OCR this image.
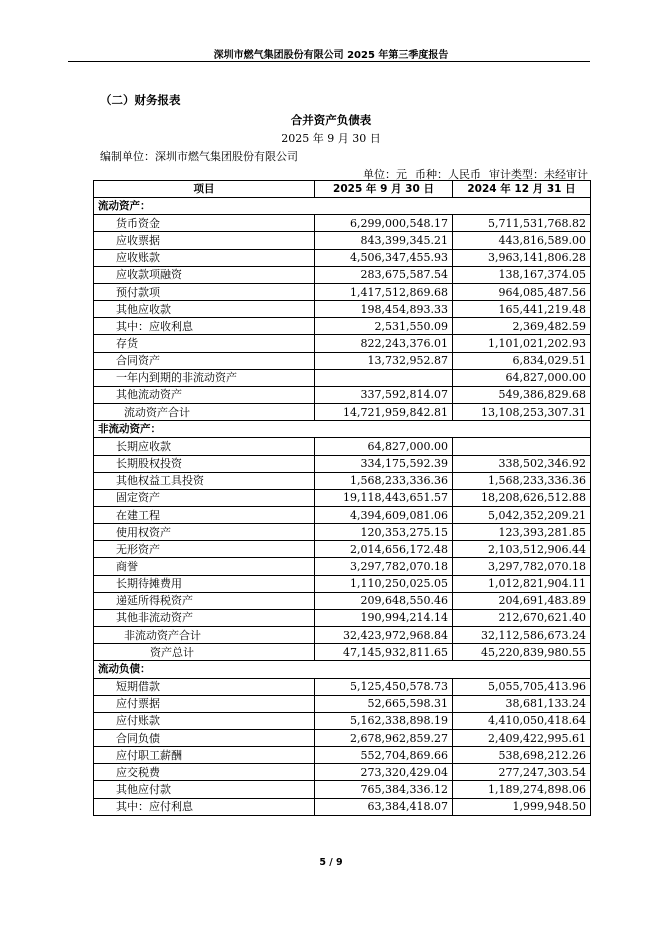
深圳市燃气集团股份有限公司 2025 年第三季度报告
（二）财务报表
合并资产负债表
2025 年 9 月 30 日
编制单位：深圳市燃气集团股份有限公司
单位：元 币种：人民币 审计类型：未经审计
项目	2025 年 9 月 30 日	2024 年 12 月 31 日
流动资产：		
货币资金	6,299,000,548.17	5,711,531,768.82
应收票据	843,399,345.21	443,816,589.00
应收账款	4,506,347,455.93	3,963,141,806.28
应收款项融资	283,675,587.54	138,167,374.05
预付款项	1,417,512,869.68	964,085,487.56
其他应收款	198,454,893.33	165,441,219.48
其中：应收利息	2,531,550.09	2,369,482.59
存货	822,243,376.01	1,101,021,202.93
合同资产	13,732,952.87	6,834,029.51
一年内到期的非流动资产		64,827,000.00
其他流动资产	337,592,814.07	549,386,829.68
流动资产合计	14,721,959,842.81	13,108,253,307.31
非流动资产：		
长期应收款	64,827,000.00	
长期股权投资	334,175,592.39	338,502,346.92
其他权益工具投资	1,568,233,336.36	1,568,233,336.36
固定资产	19,118,443,651.57	18,208,626,512.88
在建工程	4,394,609,081.06	5,042,352,209.21
使用权资产	120,353,275.15	123,393,281.85
无形资产	2,014,656,172.48	2,103,512,906.44
商誉	3,297,782,070.18	3,297,782,070.18
长期待摊费用	1,110,250,025.05	1,012,821,904.11
递延所得税资产	209,648,550.46	204,691,483.89
其他非流动资产	190,994,214.14	212,670,621.40
非流动资产合计	32,423,972,968.84	32,112,586,673.24
资产总计	47,145,932,811.65	45,220,839,980.55
流动负债：		
短期借款	5,125,450,578.73	5,055,705,413.96
应付票据	52,665,598.31	38,681,133.24
应付账款	5,162,338,898.19	4,410,050,418.64
合同负债	2,678,962,859.27	2,409,422,995.61
应付职工薪酬	552,704,869.66	538,698,212.26
应交税费	273,320,429.04	277,247,303.54
其他应付款	765,384,336.12	1,189,274,898.06
其中：应付利息	63,384,418.07	1,999,948.50
5 / 9
